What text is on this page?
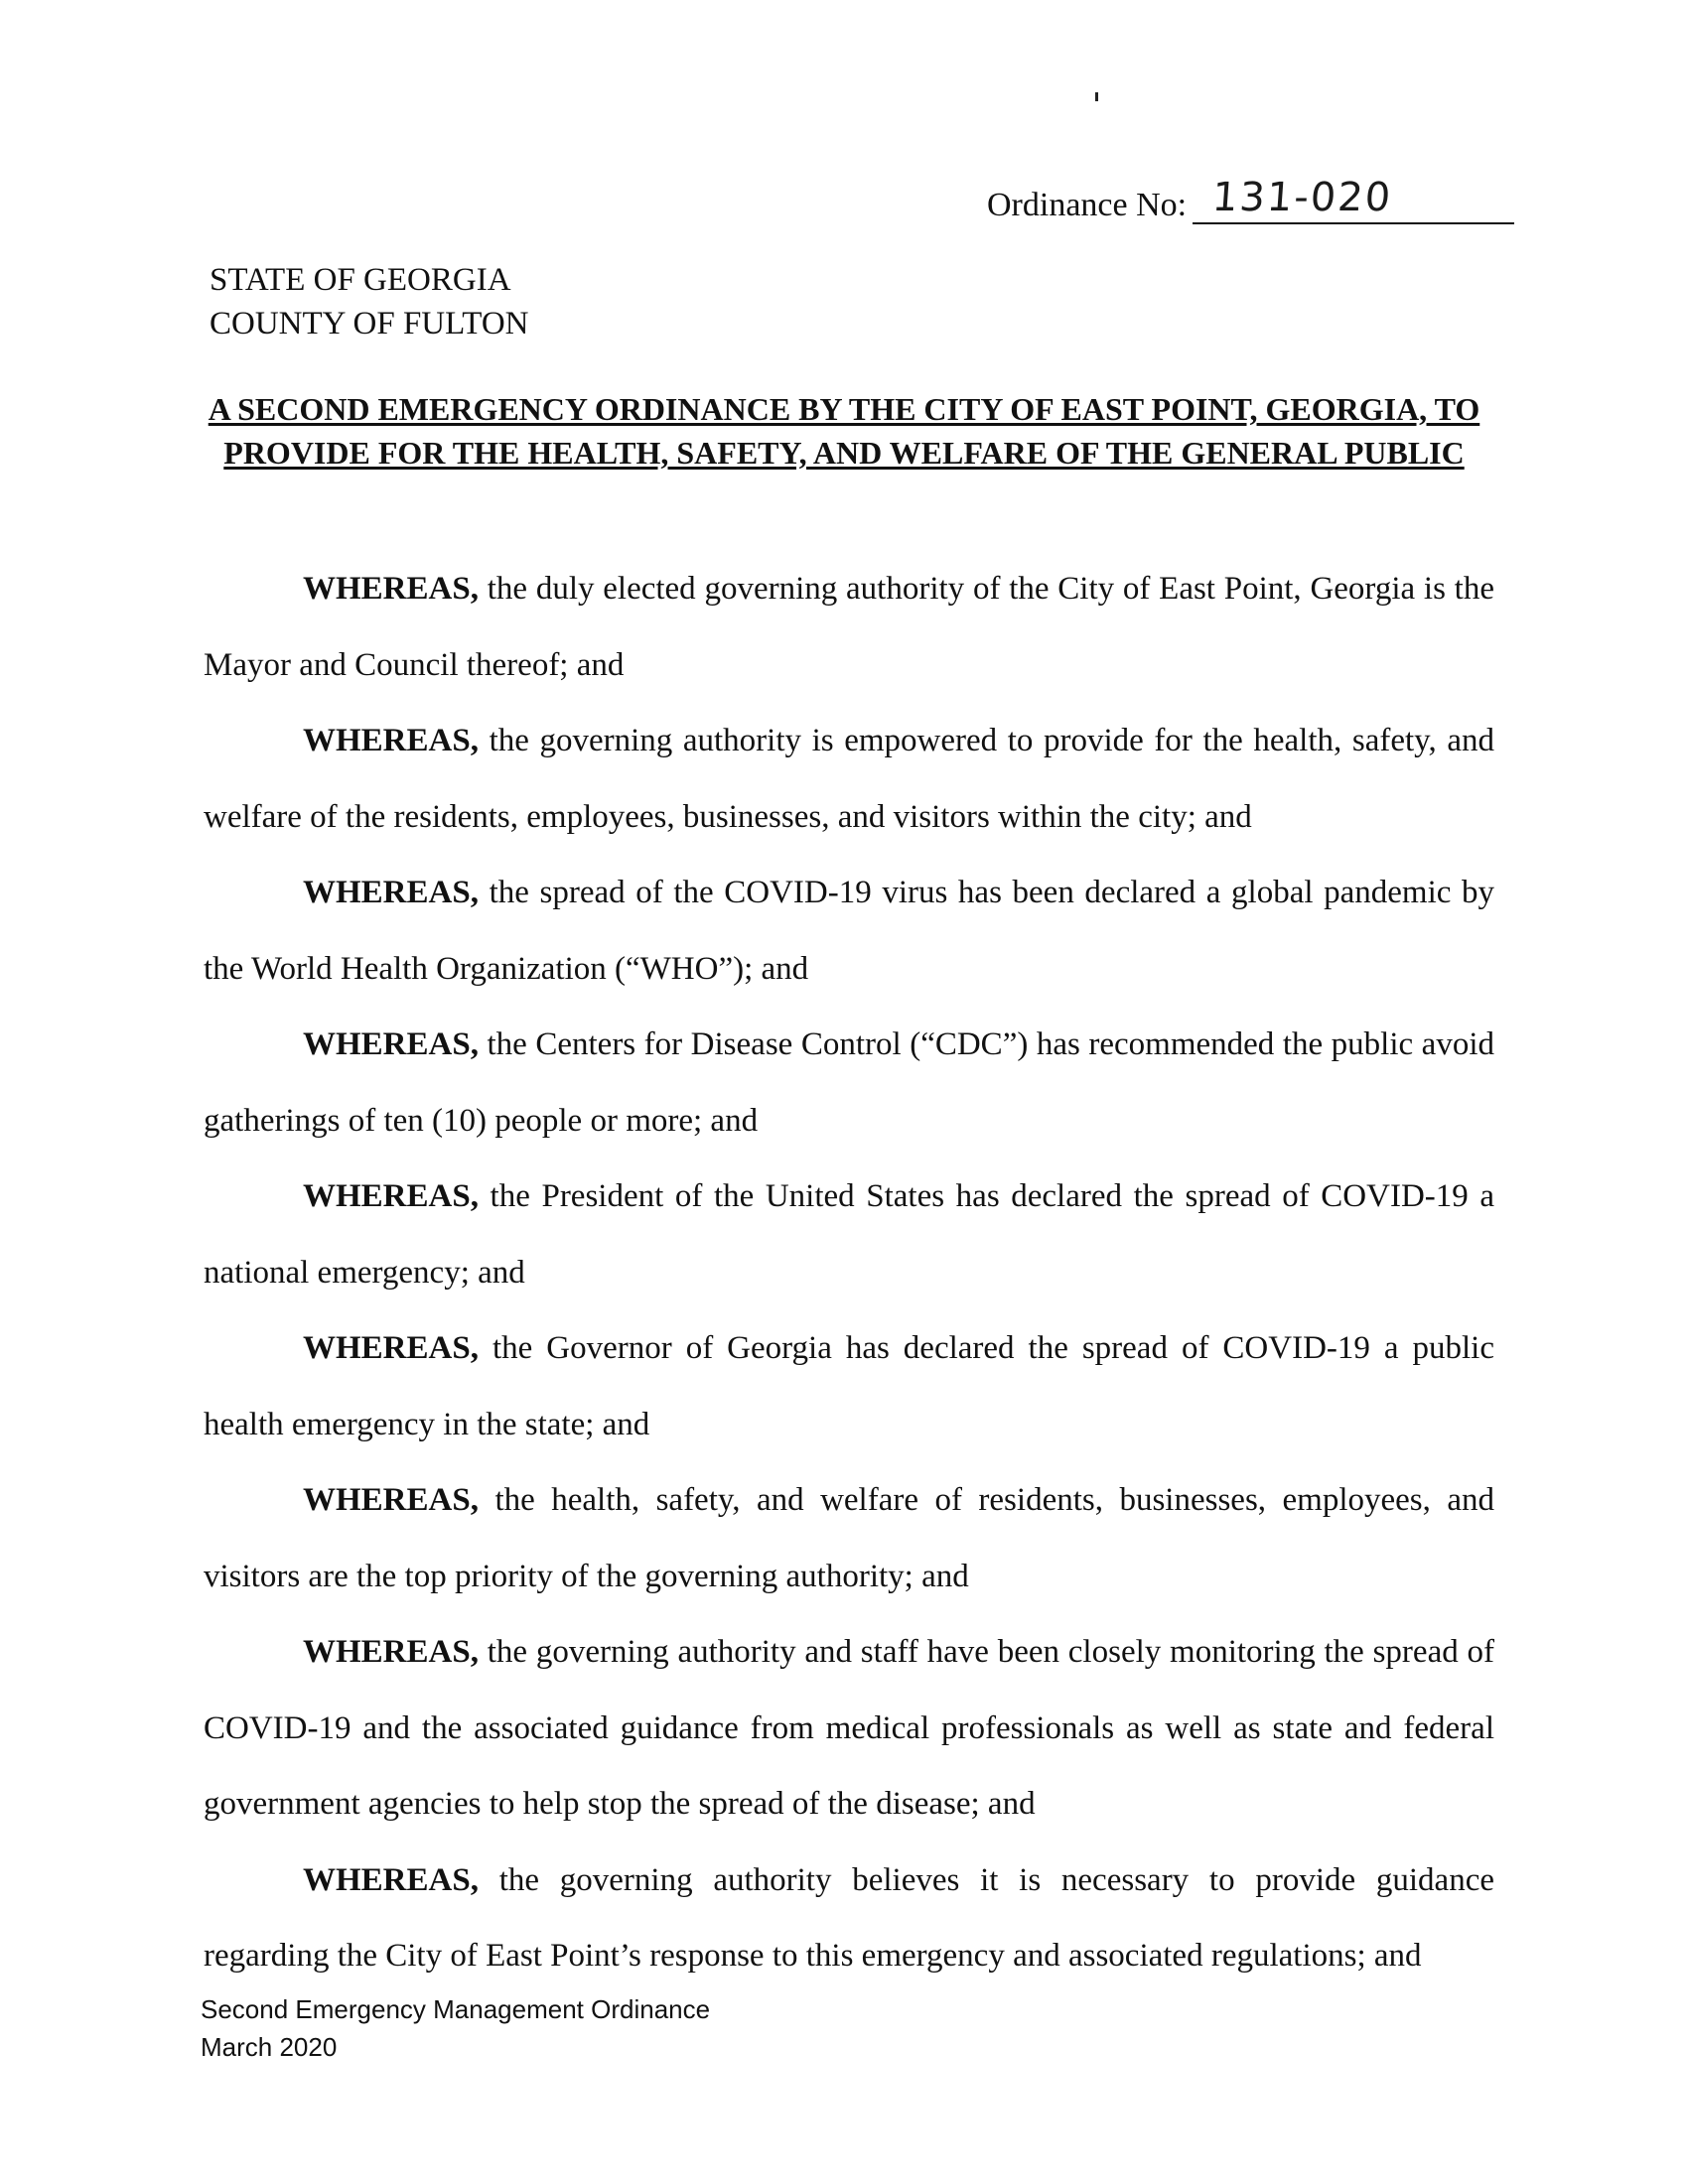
Ordinance No: 131-020
STATE OF GEORGIA
COUNTY OF FULTON
A SECOND EMERGENCY ORDINANCE BY THE CITY OF EAST POINT, GEORGIA, TO PROVIDE FOR THE HEALTH, SAFETY, AND WELFARE OF THE GENERAL PUBLIC

WHEREAS, the duly elected governing authority of the City of East Point, Georgia is the Mayor and Council thereof; and

WHEREAS, the governing authority is empowered to provide for the health, safety, and welfare of the residents, employees, businesses, and visitors within the city; and

WHEREAS, the spread of the COVID-19 virus has been declared a global pandemic by the World Health Organization (“WHO”); and

WHEREAS, the Centers for Disease Control (“CDC”) has recommended the public avoid gatherings of ten (10) people or more; and

WHEREAS, the President of the United States has declared the spread of COVID-19 a national emergency; and

WHEREAS, the Governor of Georgia has declared the spread of COVID-19 a public health emergency in the state; and

WHEREAS, the health, safety, and welfare of residents, businesses, employees, and visitors are the top priority of the governing authority; and

WHEREAS, the governing authority and staff have been closely monitoring the spread of COVID-19 and the associated guidance from medical professionals as well as state and federal government agencies to help stop the spread of the disease; and

WHEREAS, the governing authority believes it is necessary to provide guidance regarding the City of East Point’s response to this emergency and associated regulations; and

Second Emergency Management Ordinance
March 2020
